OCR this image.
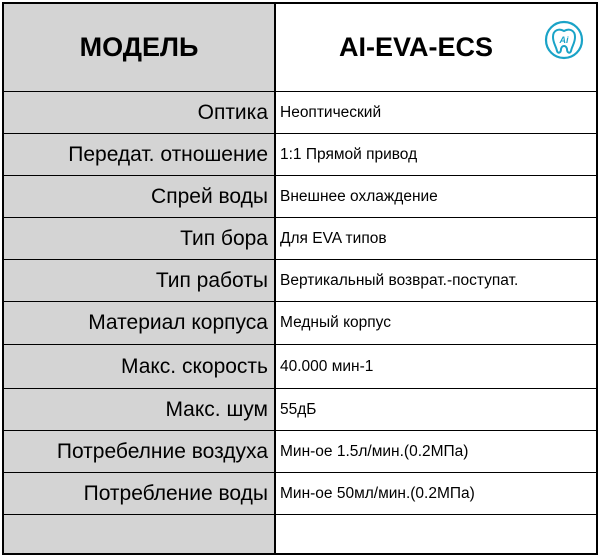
МОДЕЛЬ	AI-EVA-ECS	Ai
Оптика Неоптический
Передат. отношение 1:1 Прямой привод
Спрей воды Внешнее охлаждение
Тип бора Для EVA типов
Тип работы Вертикальный возврат.-поступат.
Материал корпуса Медный корпус
Макс. скорость 40.000 мин-1
Макс. шум 55дБ
Потребелние воздуха Мин-ое 1.5л/мин.(0.2МПа)
Потребление воды Мин-ое 50мл/мин.(0.2МПа)
